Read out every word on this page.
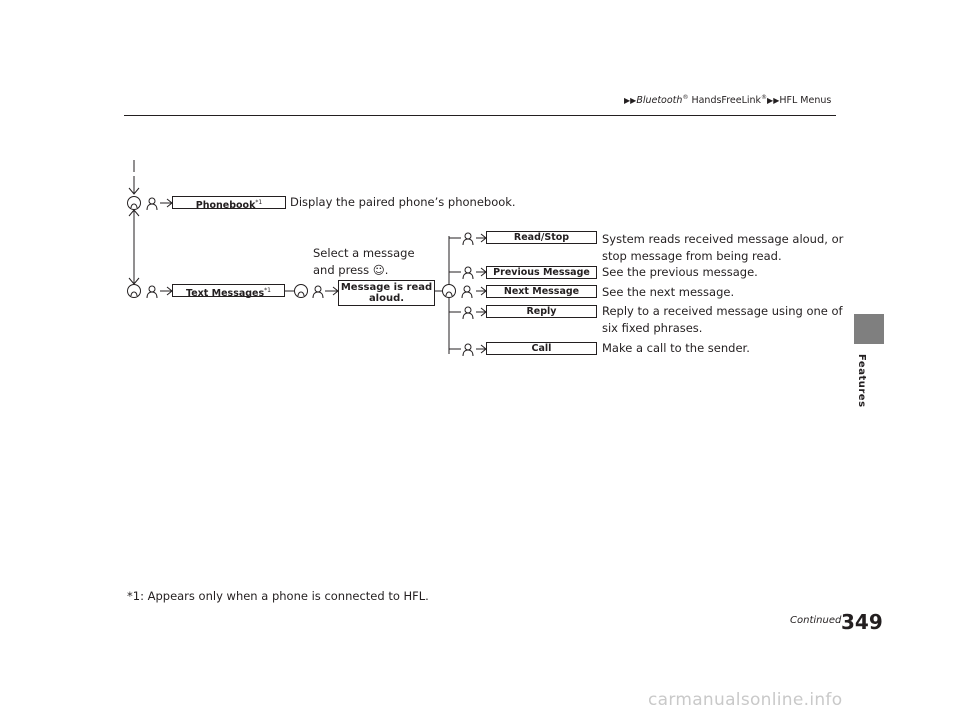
▶▶Bluetooth® HandsFreeLink®▶▶HFL Menus
Features
Phonebook$^{*1}$	Display the paired phone’s phonebook.
Text Messages$^{*1}$
Select a message
and press ☺.
Message is read
aloud.
Read/Stop
Previous Message
Next Message
Reply
Call
System reads received message aloud, or
stop message from being read.
See the previous message.
See the next message.
Reply to a received message using one of
six fixed phrases.
Make a call to the sender.
*1: Appears only when a phone is connected to HFL.
Continued 349
carmanualsonline.info
